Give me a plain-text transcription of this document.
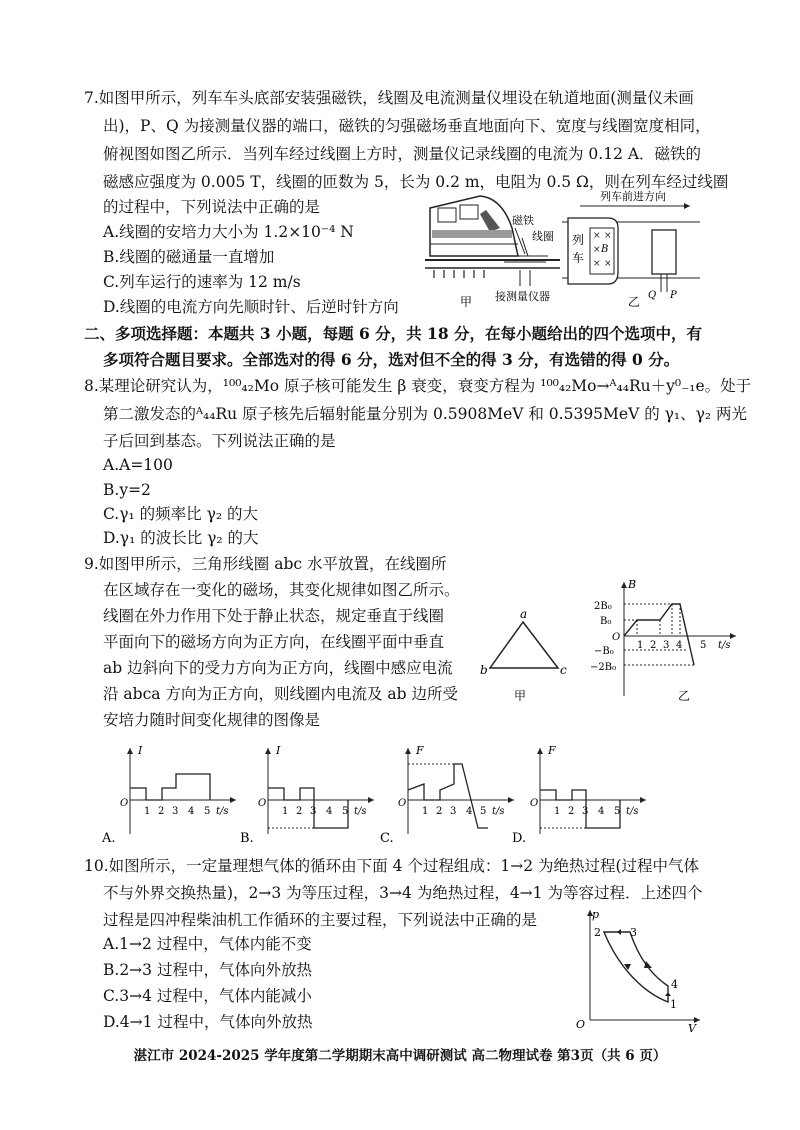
7.如图甲所示，列车车头底部安装强磁铁，线圈及电流测量仪埋设在轨道地面(测量仪未画
出)，P、Q 为接测量仪器的端口，磁铁的匀强磁场垂直地面向下、宽度与线圈宽度相同，
俯视图如图乙所示．当列车经过线圈上方时，测量仪记录线圈的电流为 0.12 A．磁铁的
磁感应强度为 0.005 T，线圈的匝数为 5，长为 0.2 m，电阻为 0.5 Ω，则在列车经过线圈
的过程中，下列说法中正确的是
A.线圈的安培力大小为 1.2×10⁻⁴ N
B.线圈的磁通量一直增加
C.列车运行的速率为 12 m/s
D.线圈的电流方向先顺时针、后逆时针方向
磁铁
线圈
接测量仪器
甲
列车前进方向
列
车
× ×
×
× ×
B
Q P
乙
二、多项选择题：本题共 3 小题，每题 6 分，共 18 分，在每小题给出的四个选项中，有
多项符合题目要求。全部选对的得 6 分，选对但不全的得 3 分，有选错的得 0 分。
8.某理论研究认为，¹⁰⁰₄₂Mo 原子核可能发生 β 衰变，衰变方程为 ¹⁰⁰₄₂Mo→ᴬ₄₄Ru＋y⁰₋₁e。处于
第二激发态的ᴬ₄₄Ru 原子核先后辐射能量分别为 0.5908MeV 和 0.5395MeV 的 γ₁、γ₂ 两光
子后回到基态。下列说法正确的是
A.A=100
B.y=2
C.γ₁ 的频率比 γ₂ 的大
D.γ₁ 的波长比 γ₂ 的大
9.如图甲所示，三角形线圈 abc 水平放置，在线圈所
在区域存在一变化的磁场，其变化规律如图乙所示。
线圈在外力作用下处于静止状态，规定垂直于线圈
平面向下的磁场方向为正方向，在线圈平面中垂直
ab 边斜向下的受力方向为正方向，线圈中感应电流
沿 abca 方向为正方向，则线圈内电流及 ab 边所受
安培力随时间变化规律的图像是
a
b	c
甲
B
t/s
2B₀
B₀
O
−B₀
−2B₀
1 2 3 4 5
乙
I
O
1 2 3 4 5 t/s
A.
I
O
1 2 3 4 5 t/s
B.
F
O
1 2 3 4 5 t/s
C.
F
O
1 2 3 4 5 t/s
D.
10.如图所示，一定量理想气体的循环由下面 4 个过程组成：1→2 为绝热过程(过程中气体
不与外界交换热量)，2→3 为等压过程，3→4 为绝热过程，4→1 为等容过程．上述四个
过程是四冲程柴油机工作循环的主要过程，下列说法中正确的是
A.1→2 过程中，气体内能不变
B.2→3 过程中，气体向外放热
C.3→4 过程中，气体内能减小
D.4→1 过程中，气体向外放热
p
V
O
2	3
4
1
湛江市 2024-2025 学年度第二学期期末高中调研测试 高二物理试卷 第3页（共 6 页）
